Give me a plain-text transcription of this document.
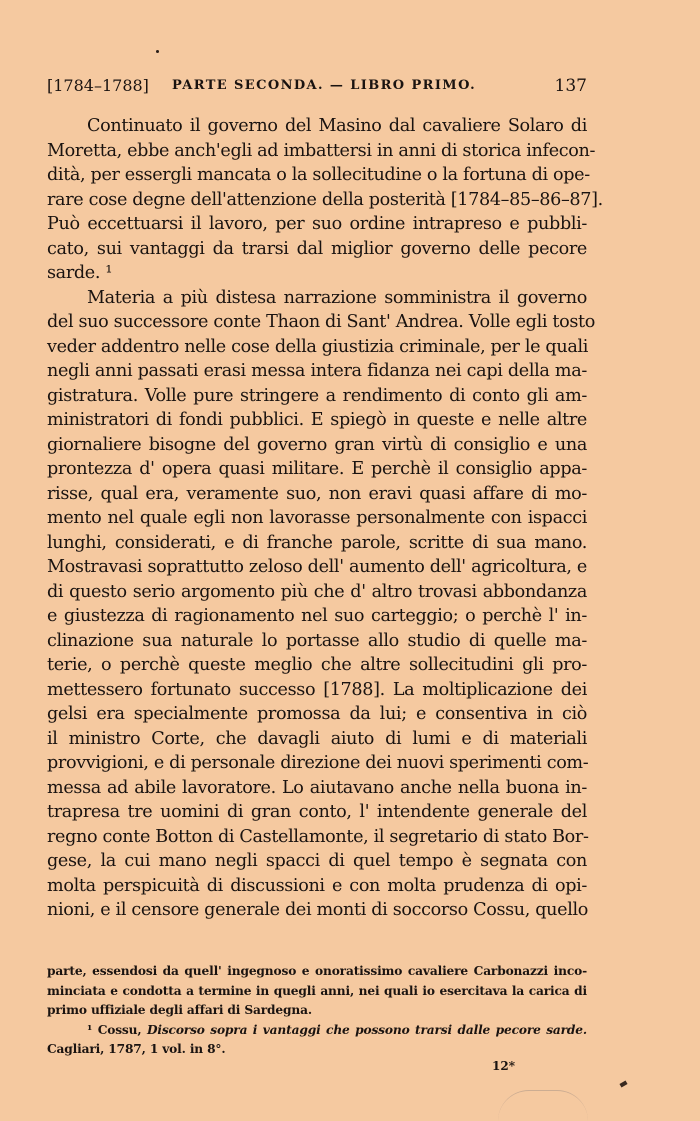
[1784–1788] PARTE SECONDA. — LIBRO PRIMO.	137
Continuato il governo del Masino dal cavaliere Solaro di
Moretta, ebbe anch'egli ad imbattersi in anni di storica infecon-
dità, per essergli mancata o la sollecitudine o la fortuna di ope-
rare cose degne dell'attenzione della posterità [1784–85–86–87].
Può eccettuarsi il lavoro, per suo ordine intrapreso e pubbli-
cato, sui vantaggi da trarsi dal miglior governo delle pecore
sarde. ¹
Materia a più distesa narrazione somministra il governo
del suo successore conte Thaon di Sant' Andrea. Volle egli tosto
veder addentro nelle cose della giustizia criminale, per le quali
negli anni passati erasi messa intera fidanza nei capi della ma-
gistratura. Volle pure stringere a rendimento di conto gli am-
ministratori di fondi pubblici. E spiegò in queste e nelle altre
giornaliere bisogne del governo gran virtù di consiglio e una
prontezza d' opera quasi militare. E perchè il consiglio appa-
risse, qual era, veramente suo, non eravi quasi affare di mo-
mento nel quale egli non lavorasse personalmente con ispacci
lunghi, considerati, e di franche parole, scritte di sua mano.
Mostravasi soprattutto zeloso dell' aumento dell' agricoltura, e
di questo serio argomento più che d' altro trovasi abbondanza
e giustezza di ragionamento nel suo carteggio; o perchè l' in-
clinazione sua naturale lo portasse allo studio di quelle ma-
terie, o perchè queste meglio che altre sollecitudini gli pro-
mettessero fortunato successo [1788]. La moltiplicazione dei
gelsi era specialmente promossa da lui; e consentiva in ciò
il ministro Corte, che davagli aiuto di lumi e di materiali
provvigioni, e di personale direzione dei nuovi sperimenti com-
messa ad abile lavoratore. Lo aiutavano anche nella buona in-
trapresa tre uomini di gran conto, l' intendente generale del
regno conte Botton di Castellamonte, il segretario di stato Bor-
gese, la cui mano negli spacci di quel tempo è segnata con
molta perspicuità di discussioni e con molta prudenza di opi-
nioni, e il censore generale dei monti di soccorso Cossu, quello
parte, essendosi da quell' ingegnoso e onoratissimo cavaliere Carbonazzi inco-
minciata e condotta a termine in quegli anni, nei quali io esercitava la carica di
primo uffiziale degli affari di Sardegna.
¹ Cossu, Discorso sopra i vantaggi che possono trarsi dalle pecore sarde.
Cagliari, 1787, 1 vol. in 8°.
12*
